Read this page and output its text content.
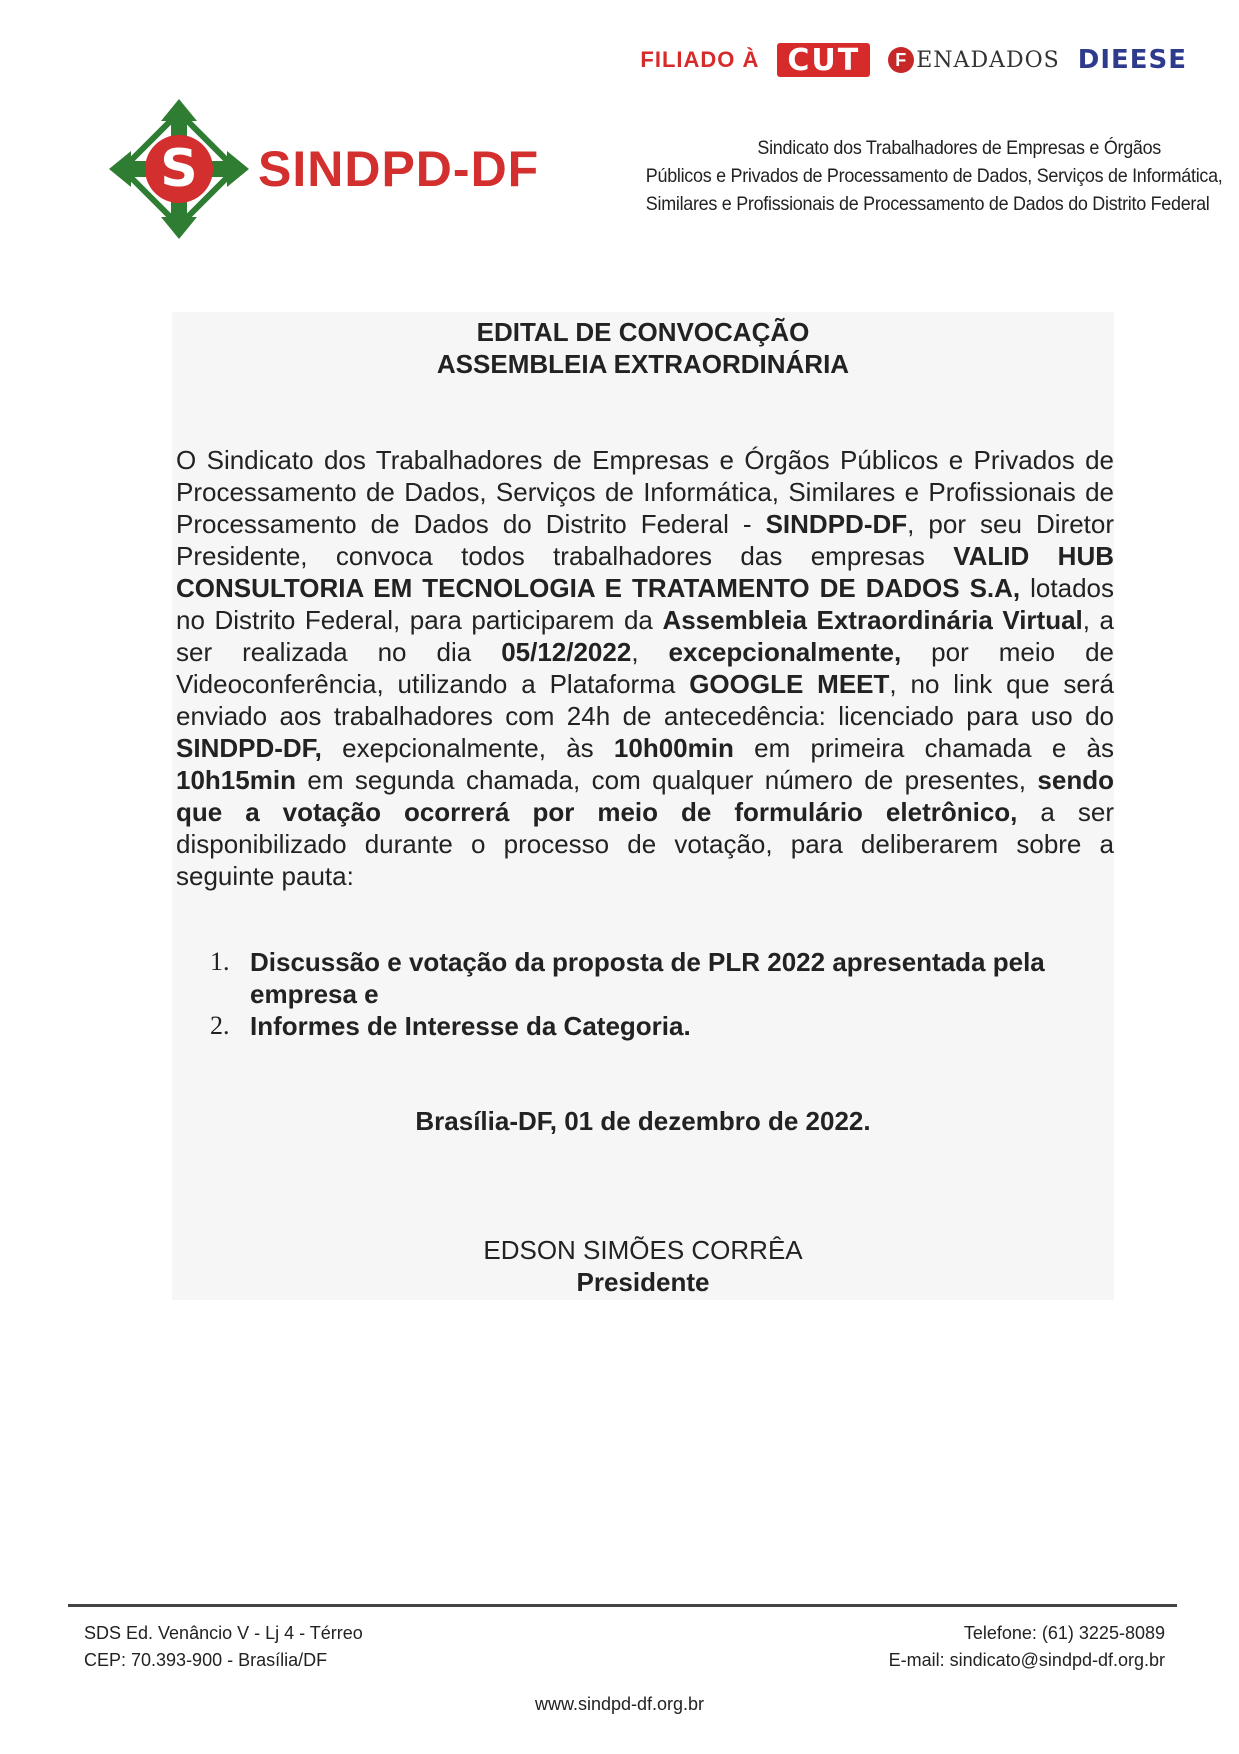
FILIADO À CUT	F ENADADOS DIEESE
S SINDPD-DF	Sindicato dos Trabalhadores de Empresas e Órgãos
Públicos e Privados de Processamento de Dados, Serviços de Informática,
Similares e Profissionais de Processamento de Dados do Distrito Federal
EDITAL DE CONVOCAÇÃO
ASSEMBLEIA EXTRAORDINÁRIA
O Sindicato dos Trabalhadores de Empresas e Órgãos Públicos e Privados de Processamento de Dados, Serviços de Informática, Similares e Profissionais de Processamento de Dados do Distrito Federal - SINDPD-DF, por seu Diretor Presidente, convoca todos trabalhadores das empresas VALID HUB CONSULTORIA EM TECNOLOGIA E TRATAMENTO DE DADOS S.A, lotados no Distrito Federal, para participarem da Assembleia Extraordinária Virtual, a ser realizada no dia 05/12/2022, excepcionalmente, por meio de Videoconferência, utilizando a Plataforma GOOGLE MEET, no link que será enviado aos trabalhadores com 24h de antecedência: licenciado para uso do SINDPD-DF, exepcionalmente, às 10h00min em primeira chamada e às 10h15min em segunda chamada, com qualquer número de presentes, sendo que a votação ocorrerá por meio de formulário eletrônico, a ser disponibilizado durante o processo de votação, para deliberarem sobre a seguinte pauta:
1. Discussão e votação da proposta de PLR 2022 apresentada pela empresa e
2. Informes de Interesse da Categoria.
Brasília-DF, 01 de dezembro de 2022.
EDSON SIMÕES CORRÊA
Presidente
SDS Ed. Venâncio V - Lj 4 - Térreo
CEP: 70.393-900 - Brasília/DF
Telefone: (61) 3225-8089
E-mail: sindicato@sindpd-df.org.br
www.sindpd-df.org.br
